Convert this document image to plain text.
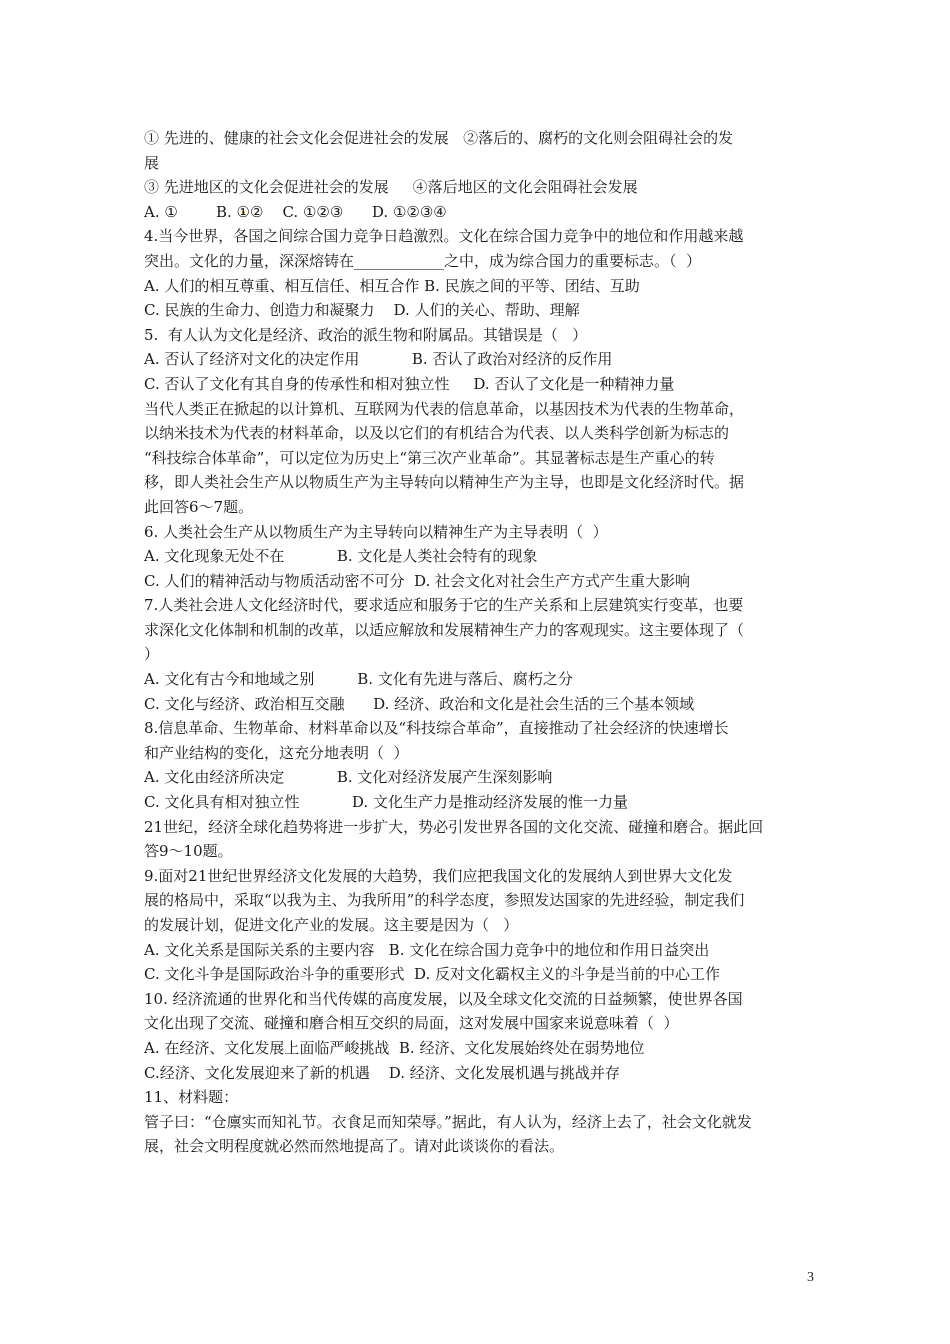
① 先进的、健康的社会文化会促进社会的发展   ②落后的、腐朽的文化则会阻碍社会的发
展
③ 先进地区的文化会促进社会的发展     ④落后地区的文化会阻碍社会发展
A. ①        B. ①②    C. ①②③      D. ①②③④
4.当今世界，各国之间综合国力竞争日趋激烈。文化在综合国力竞争中的地位和作用越来越
突出。文化的力量，深深熔铸在____________之中，成为综合国力的重要标志。（  ）
A. 人们的相互尊重、相互信任、相互合作 B. 民族之间的平等、团结、互助
C. 民族的生命力、创造力和凝聚力    D. 人们的关心、帮助、理解
5.  有人认为文化是经济、政治的派生物和附属品。其错误是（   ）
A. 否认了经济对文化的决定作用           B. 否认了政治对经济的反作用
C. 否认了文化有其自身的传承性和相对独立性     D. 否认了文化是一种精神力量
当代人类正在掀起的以计算机、互联网为代表的信息革命，以基因技术为代表的生物革命，
以纳米技术为代表的材料革命，以及以它们的有机结合为代表、以人类科学创新为标志的
“科技综合体革命”，可以定位为历史上“第三次产业革命”。其显著标志是生产重心的转
移，即人类社会生产从以物质生产为主导转向以精神生产为主导，也即是文化经济时代。据
此回答6～7题。
6. 人类社会生产从以物质生产为主导转向以精神生产为主导表明（  ）
A. 文化现象无处不在           B. 文化是人类社会特有的现象
C. 人们的精神活动与物质活动密不可分  D. 社会文化对社会生产方式产生重大影响
7.人类社会进人文化经济时代，要求适应和服务于它的生产关系和上层建筑实行变革，也要
求深化文化体制和机制的改革，以适应解放和发展精神生产力的客观现实。这主要体现了（
）
A. 文化有古今和地域之别         B. 文化有先进与落后、腐朽之分
C. 文化与经济、政治相互交融      D. 经济、政治和文化是社会生活的三个基本领域
8.信息革命、生物革命、材料革命以及“科技综合革命”，直接推动了社会经济的快速增长
和产业结构的变化，这充分地表明（  ）
A. 文化由经济所决定           B. 文化对经济发展产生深刻影响
C. 文化具有相对独立性           D. 文化生产力是推动经济发展的惟一力量
21世纪，经济全球化趋势将进一步扩大，势必引发世界各国的文化交流、碰撞和磨合。据此回
答9～10题。
9.面对21世纪世界经济文化发展的大趋势，我们应把我国文化的发展纳人到世界大文化发
展的格局中，采取“以我为主、为我所用”的科学态度，参照发达国家的先进经验，制定我们
的发展计划，促进文化产业的发展。这主要是因为（   ）
A. 文化关系是国际关系的主要内容   B. 文化在综合国力竞争中的地位和作用日益突出
C. 文化斗争是国际政治斗争的重要形式  D. 反对文化霸权主义的斗争是当前的中心工作
10. 经济流通的世界化和当代传媒的高度发展，以及全球文化交流的日益频繁，使世界各国
文化出现了交流、碰撞和磨合相互交织的局面，这对发展中国家来说意味着（  ）
A. 在经济、文化发展上面临严峻挑战  B. 经济、文化发展始终处在弱势地位
C.经济、文化发展迎来了新的机遇    D. 经济、文化发展机遇与挑战并存
11、材料题：
管子曰：“仓廪实而知礼节。衣食足而知荣辱。”据此，有人认为，经济上去了，社会文化就发
展，社会文明程度就必然而然地提高了。请对此谈谈你的看法。
3
